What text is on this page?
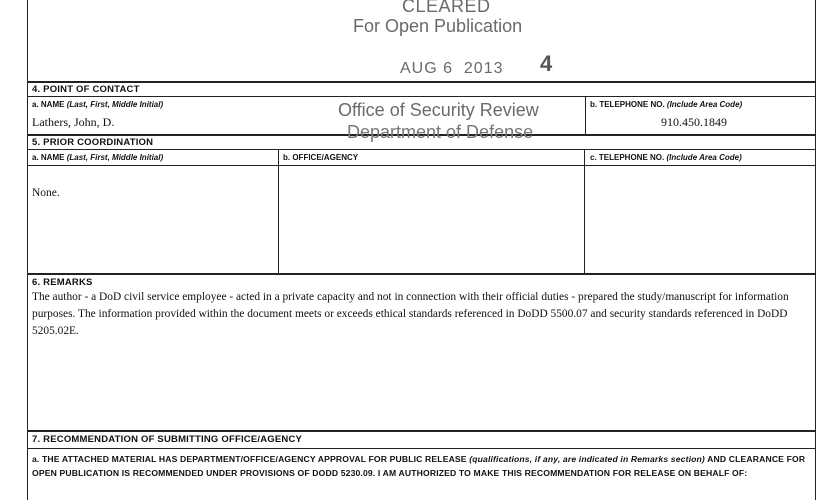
CLEARED
For Open Publication
AUG 6  2013 4
Office of Security Review
Department of Defense
4. POINT OF CONTACT
a. NAME (Last, First, Middle Initial)
Lathers, John, D.
b. TELEPHONE NO. (Include Area Code)
910.450.1849
5. PRIOR COORDINATION
a. NAME (Last, First, Middle Initial)	b. OFFICE/AGENCY	c. TELEPHONE NO. (Include Area Code)
None.
6. REMARKS
The author - a DoD civil service employee - acted in a private capacity and not in connection with their official duties - prepared the study/manuscript for information purposes. The information provided within the document meets or exceeds ethical standards referenced in DoDD 5500.07 and security standards referenced in DoDD 5205.02E.
7. RECOMMENDATION OF SUBMITTING OFFICE/AGENCY
a. THE ATTACHED MATERIAL HAS DEPARTMENT/OFFICE/AGENCY APPROVAL FOR PUBLIC RELEASE (qualifications, if any, are indicated in Remarks section) AND CLEARANCE FOR OPEN PUBLICATION IS RECOMMENDED UNDER PROVISIONS OF DODD 5230.09. I AM AUTHORIZED TO MAKE THIS RECOMMENDATION FOR RELEASE ON BEHALF OF:
